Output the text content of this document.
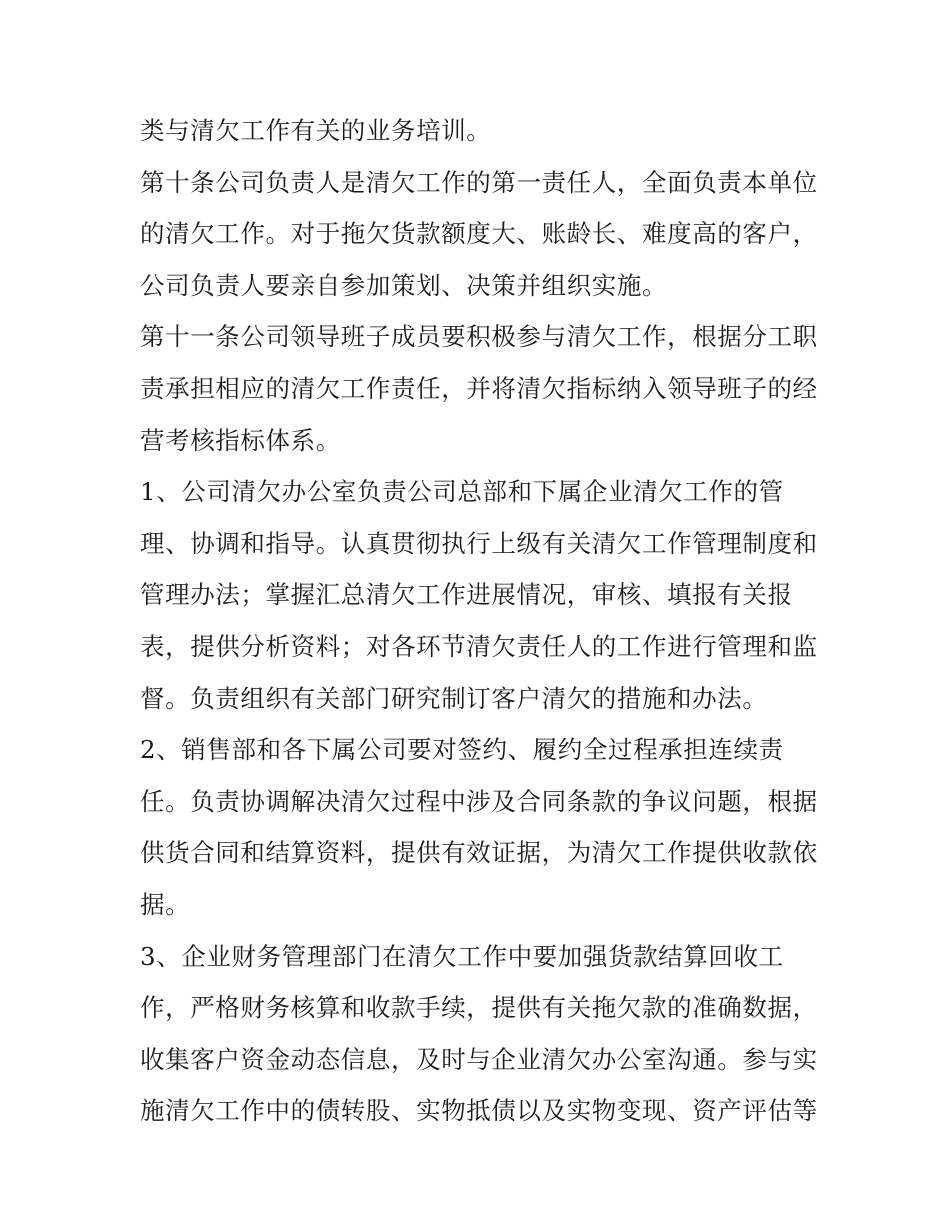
类与清欠工作有关的业务培训。
第十条公司负责人是清欠工作的第一责任人，全面负责本单位
的清欠工作。对于拖欠货款额度大、账龄长、难度高的客户，
公司负责人要亲自参加策划、决策并组织实施。
第十一条公司领导班子成员要积极参与清欠工作，根据分工职
责承担相应的清欠工作责任，并将清欠指标纳入领导班子的经
营考核指标体系。
1、公司清欠办公室负责公司总部和下属企业清欠工作的管
理、协调和指导。认真贯彻执行上级有关清欠工作管理制度和
管理办法；掌握汇总清欠工作进展情况，审核、填报有关报
表，提供分析资料；对各环节清欠责任人的工作进行管理和监
督。负责组织有关部门研究制订客户清欠的措施和办法。
2、销售部和各下属公司要对签约、履约全过程承担连续责
任。负责协调解决清欠过程中涉及合同条款的争议问题，根据
供货合同和结算资料，提供有效证据，为清欠工作提供收款依
据。
3、企业财务管理部门在清欠工作中要加强货款结算回收工
作，严格财务核算和收款手续，提供有关拖欠款的准确数据，
收集客户资金动态信息，及时与企业清欠办公室沟通。参与实
施清欠工作中的债转股、实物抵债以及实物变现、资产评估等
